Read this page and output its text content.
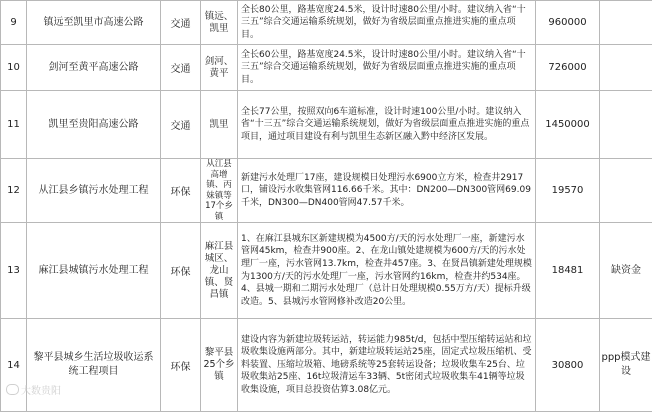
9	镇远至凯里市高速公路	交通	镇远、凯里	全长80公里，路基宽度24.5米，设计时速80公里/小时。建议纳入省“十三五”综合交通运输系统规划，做好为省级层面重点推进实施的重点项目。	960000	
10	剑河至黄平高速公路	交通	剑河、黄平	全长60公里，路基宽度24.5米，设计时速80公里/小时。建议纳入省“十三五”综合交通运输系统规划，做好为省级层面重点推进实施的重点项目。	726000	
11	凯里至贵阳高速公路	交通	凯里	全长77公里，按照双向6车道标准，设计时速100公里/小时。建议纳入省“十三五”综合交通运输系统规划，做好为省级层面重点推进实施的重点项目，通过项目建设有利与凯里生态新区融入黔中经济区发展。	1450000	
12	从江县乡镇污水处理工程	环保	从江县高增镇、丙妹镇等17个乡镇	新建污水处理厂17座，建设规模日处理污水6900立方米，检查井2917口，铺设污水收集管网116.66千米。其中：DN200—DN300管网69.09千米，DN300—DN400管网47.57千米。	19570	
13	麻江县城镇污水处理工程	环保	麻江县城区、龙山镇、贤昌镇	1、在麻江县城东区新建规模为4500方/天的污水处理厂一座，新建污水管网45km，检查井900座。2、在龙山镇处建规模为600方/天的污水处理厂一座，污水管网13.7km，检查井457座。3、在贤昌镇新建处理规模为1300方/天的污水处理厂一座，污水管网约16km，检查井约534座。4、县城一期和二期污水处理厂（总计日处理规模0.55万方/天）提标升级改造。5、县城污水管网修补改造20公里。	18481	缺资金
14	黎平县城乡生活垃圾收运系统工程项目	环保	黎平县25个乡镇	建设内容为新建垃圾转运站，转运能力985t/d，包括中型压缩转运站和垃圾收集设施两部分。其中，新建垃圾转运站25座，固定式垃圾压缩机、受料装置、压缩垃圾箱、地磅系统等25套转运设备；垃圾收集车25台、垃圾收集站25座、16t垃圾清运车33辆、5t密闭式垃圾收集车41辆等垃圾收集设施，项目总投资估算3.08亿元。	30800	ppp模式建设
大数贵阳
